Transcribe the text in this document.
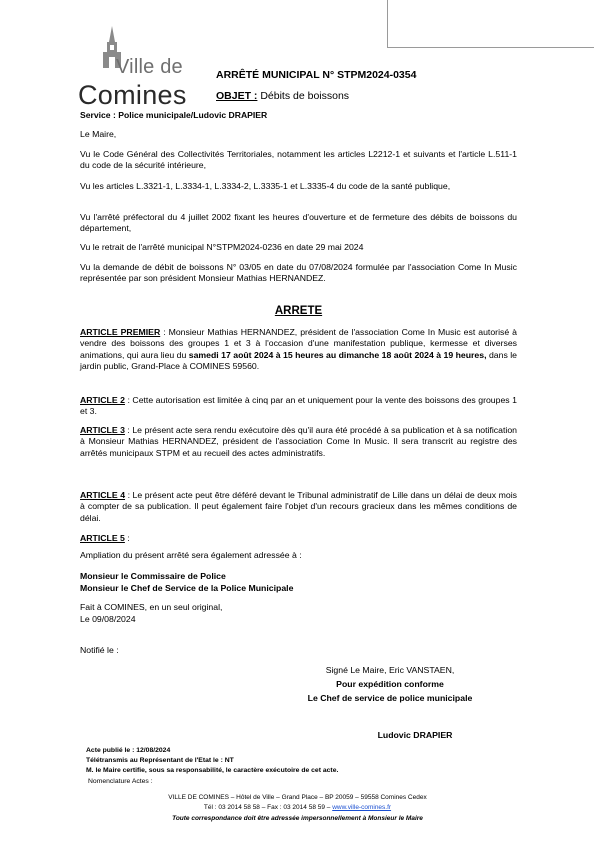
Ville de
Comines
ARRÊTÉ MUNICIPAL N° STPM2024-0354
OBJET : Débits de boissons
Service : Police municipale/Ludovic DRAPIER
Le Maire,
Vu le Code Général des Collectivités Territoriales, notamment les articles L2212-1 et suivants et l'article L.511-1 du code de la sécurité intérieure,
Vu les articles L.3321-1, L.3334-1, L.3334-2, L.3335-1 et L.3335-4 du code de la santé publique,
Vu l'arrêté préfectoral du 4 juillet 2002 fixant les heures d'ouverture et de fermeture des débits de boissons du département,
Vu le retrait de l'arrêté municipal N°STPM2024-0236 en date 29 mai 2024
Vu la demande de débit de boissons N° 03/05 en date du 07/08/2024 formulée par l'association Come In Music représentée par son président Monsieur Mathias HERNANDEZ.
ARRETE
ARTICLE PREMIER : Monsieur Mathias HERNANDEZ, président de l'association Come In Music est autorisé à vendre des boissons des groupes 1 et 3 à l'occasion d'une manifestation publique, kermesse et diverses animations, qui aura lieu du samedi 17 août 2024 à 15 heures au dimanche 18 août 2024 à 19 heures, dans le jardin public, Grand-Place à COMINES 59560.
ARTICLE 2 : Cette autorisation est limitée à cinq par an et uniquement pour la vente des boissons des groupes 1 et 3.
ARTICLE 3 : Le présent acte sera rendu exécutoire dès qu'il aura été procédé à sa publication et à sa notification à Monsieur Mathias HERNANDEZ, président de l'association Come In Music. Il sera transcrit au registre des arrêtés municipaux STPM et au recueil des actes administratifs.
ARTICLE 4 : Le présent acte peut être déféré devant le Tribunal administratif de Lille dans un délai de deux mois à compter de sa publication. Il peut également faire l'objet d'un recours gracieux dans les mêmes conditions de délai.
ARTICLE 5 :
Ampliation du présent arrêté sera également adressée à :
Monsieur le Commissaire de Police
Monsieur le Chef de Service de la Police Municipale
Fait à COMINES, en un seul original,
Le 09/08/2024
Notifié le :
Signé Le Maire, Eric VANSTAEN,
Pour expédition conforme
Le Chef de service de police municipale
Ludovic DRAPIER
Acte publié le : 12/08/2024
Télétransmis au Représentant de l'Etat le : NT
M. le Maire certifie, sous sa responsabilité, le caractère exécutoire de cet acte.
Nomenclature Actes :
VILLE DE COMINES – Hôtel de Ville – Grand Place – BP 20059 – 59558 Comines Cedex
Tél : 03 2014 58 58 – Fax : 03 2014 58 59 – www.ville-comines.fr
Toute correspondance doit être adressée impersonnellement à Monsieur le Maire
